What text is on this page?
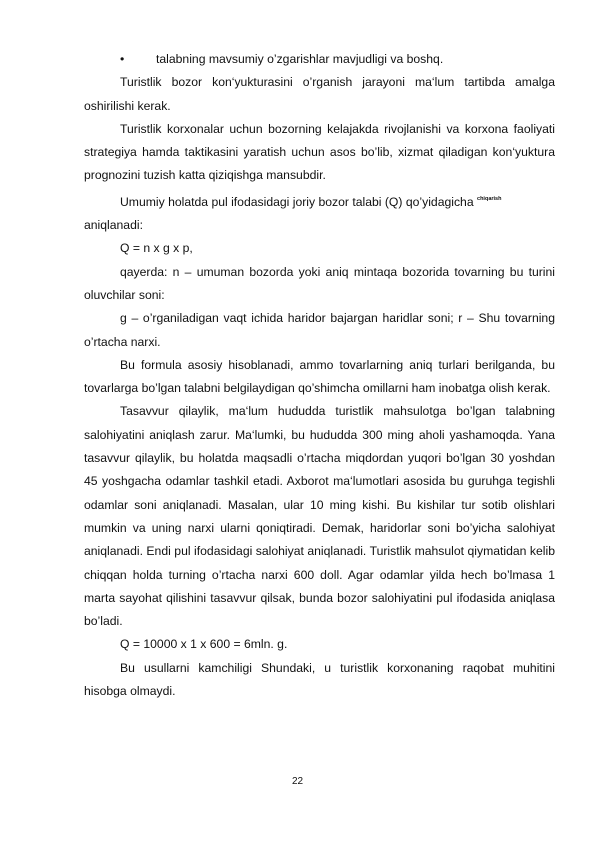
•	talabning mavsumiy o’zgarishlar mavjudligi va boshq.

Turistlik bozor kon‘yukturasini o’rganish jarayoni ma‘lum tartibda amalga oshirilishi kerak.

Turistlik korxonalar uchun bozorning kelajakda rivojlanishi va korxona faoliyati strategiya hamda taktikasini yaratish uchun asos bo’lib, xizmat qiladigan kon‘yuktura prognozini tuzish katta qiziqishga mansubdir.

Umumiy holatda pul ifodasidagi joriy bozor talabi (Q) qo’yidagicha $^{chiqarish}$
aniqlanadi:

Q = n x g x p,

qayerda: n – umuman bozorda yoki aniq mintaqa bozorida tovarning bu turini oluvchilar soni:

g – o’rganiladigan vaqt ichida haridor bajargan haridlar soni; r – Shu tovarning o’rtacha narxi.

Bu formula asosiy hisoblanadi, ammo tovarlarning aniq turlari berilganda, bu tovarlarga bo’lgan talabni belgilaydigan qo’shimcha omillarni ham inobatga olish kerak.

Tasavvur qilaylik, ma‘lum hududda turistlik mahsulotga bo’lgan talabning salohiyatini aniqlash zarur. Ma‘lumki, bu hududda 300 ming aholi yashamoqda. Yana tasavvur qilaylik, bu holatda maqsadli o’rtacha miqdordan yuqori bo’lgan 30 yoshdan 45 yoshgacha odamlar tashkil etadi. Axborot ma‘lumotlari asosida bu guruhga tegishli odamlar soni aniqlanadi. Masalan, ular 10 ming kishi. Bu kishilar tur sotib olishlari mumkin va uning narxi ularni qoniqtiradi. Demak, haridorlar soni bo’yicha salohiyat aniqlanadi. Endi pul ifodasidagi salohiyat aniqlanadi. Turistlik mahsulot qiymatidan kelib chiqqan holda turning o’rtacha narxi 600 doll. Agar odamlar yilda hech bo’lmasa 1 marta sayohat qilishini tasavvur qilsak, bunda bozor salohiyatini pul ifodasida aniqlasa bo’ladi.

Q = 10000 x 1 x 600 = 6mln. g.

Bu usullarni kamchiligi Shundaki, u turistlik korxonaning raqobat muhitini hisobga olmaydi.

22
